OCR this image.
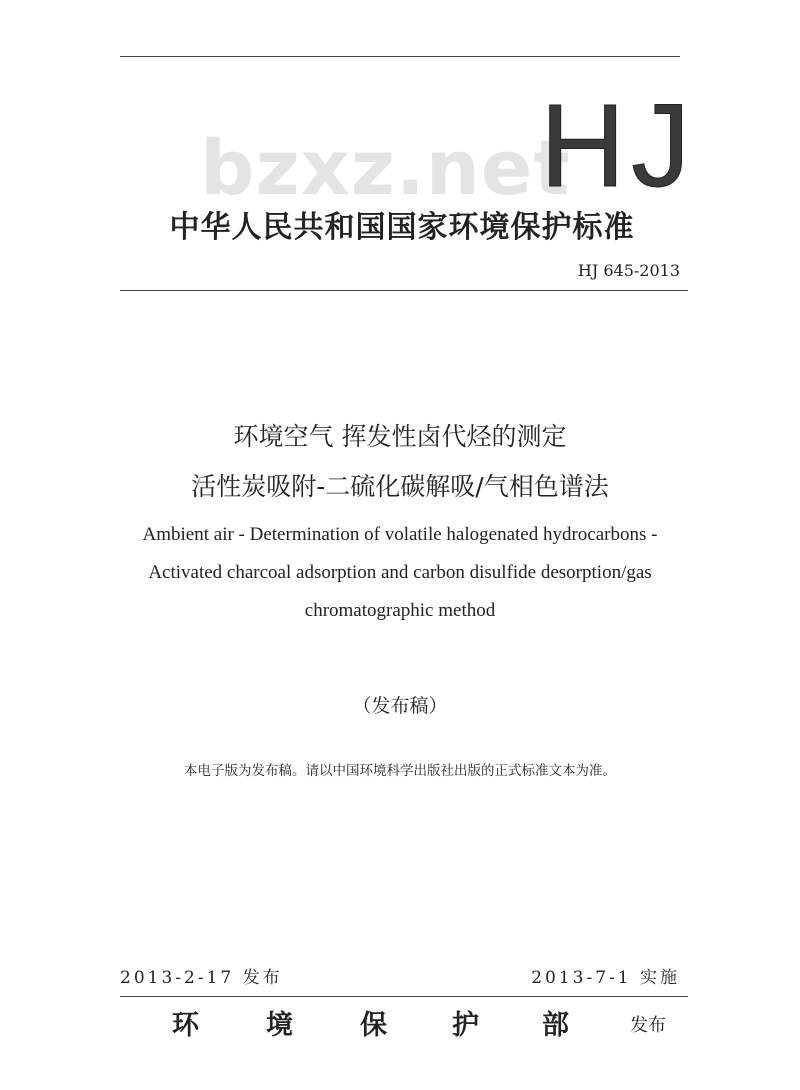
bzxz.net
HJ
中华人民共和国国家环境保护标准
HJ 645-2013
环境空气 挥发性卤代烃的测定
活性炭吸附-二硫化碳解吸/气相色谱法
Ambient air - Determination of volatile halogenated hydrocarbons -
Activated charcoal adsorption and carbon disulfide desorption/gas
chromatographic method
（发布稿）
本电子版为发布稿。请以中国环境科学出版社出版的正式标准文本为准。
2013-2-17 发布	2013-7-1 实施
环 境 保 护 部	发布
